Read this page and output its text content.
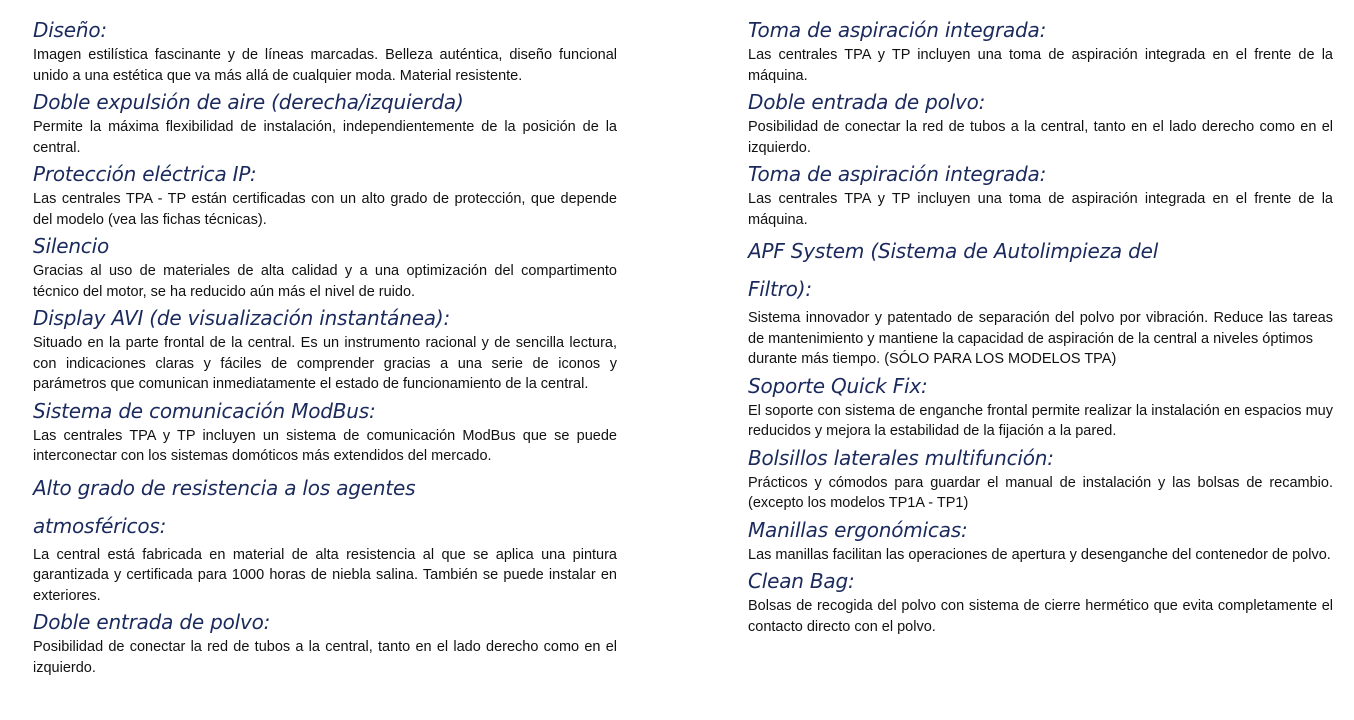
Diseño:

Imagen estilística fascinante y de líneas marcadas. Belleza auténtica, diseño funcional unido a una estética que va más allá de cualquier moda. Material resistente.

Doble expulsión de aire (derecha/izquierda)

Permite la máxima flexibilidad de instalación, independientemente de la posición de la central.

Protección eléctrica IP:

Las centrales TPA - TP están certificadas con un alto grado de protección, que depende del modelo (vea las fichas técnicas).

Silencio

Gracias al uso de materiales de alta calidad y a una optimización del compartimento técnico del motor, se ha reducido aún más el nivel de ruido.

Display AVI (de visualización instantánea):

Situado en la parte frontal de la central. Es un instrumento racional y de sencilla lectura, con indicaciones claras y fáciles de comprender gracias a una serie de iconos y parámetros que comunican inmediatamente el estado de funcionamiento de la central.

Sistema de comunicación ModBus:

Las centrales TPA y TP incluyen un sistema de comunicación ModBus que se puede interconectar con los sistemas domóticos más extendidos del mercado.

Alto grado de resistencia a los agentes
atmosféricos:

La central está fabricada en material de alta resistencia al que se aplica una pintura garantizada y certificada para 1000 horas de niebla salina. También se puede instalar en exteriores.

Doble entrada de polvo:

Posibilidad de conectar la red de tubos a la central, tanto en el lado derecho como en el izquierdo.

Toma de aspiración integrada:

Las centrales TPA y TP incluyen una toma de aspiración integrada en el frente de la máquina.

Doble entrada de polvo:

Posibilidad de conectar la red de tubos a la central, tanto en el lado derecho como en el izquierdo.

Toma de aspiración integrada:

Las centrales TPA y TP incluyen una toma de aspiración integrada en el frente de la máquina.

APF System (Sistema de Autolimpieza del
Filtro):

Sistema innovador y patentado de separación del polvo por vibración. Reduce las tareas de mantenimiento y mantiene la capacidad de aspiración de la central a niveles óptimos
durante más tiempo. (SÓLO PARA LOS MODELOS TPA)

Soporte Quick Fix:

El soporte con sistema de enganche frontal permite realizar la instalación en espacios muy reducidos y mejora la estabilidad de la fijación a la pared.

Bolsillos laterales multifunción:

Prácticos y cómodos para guardar el manual de instalación y las bolsas de recambio. (excepto los modelos TP1A - TP1)

Manillas ergonómicas:

Las manillas facilitan las operaciones de apertura y desenganche del contenedor de polvo.

Clean Bag:

Bolsas de recogida del polvo con sistema de cierre hermético que evita completamente el contacto directo con el polvo.
